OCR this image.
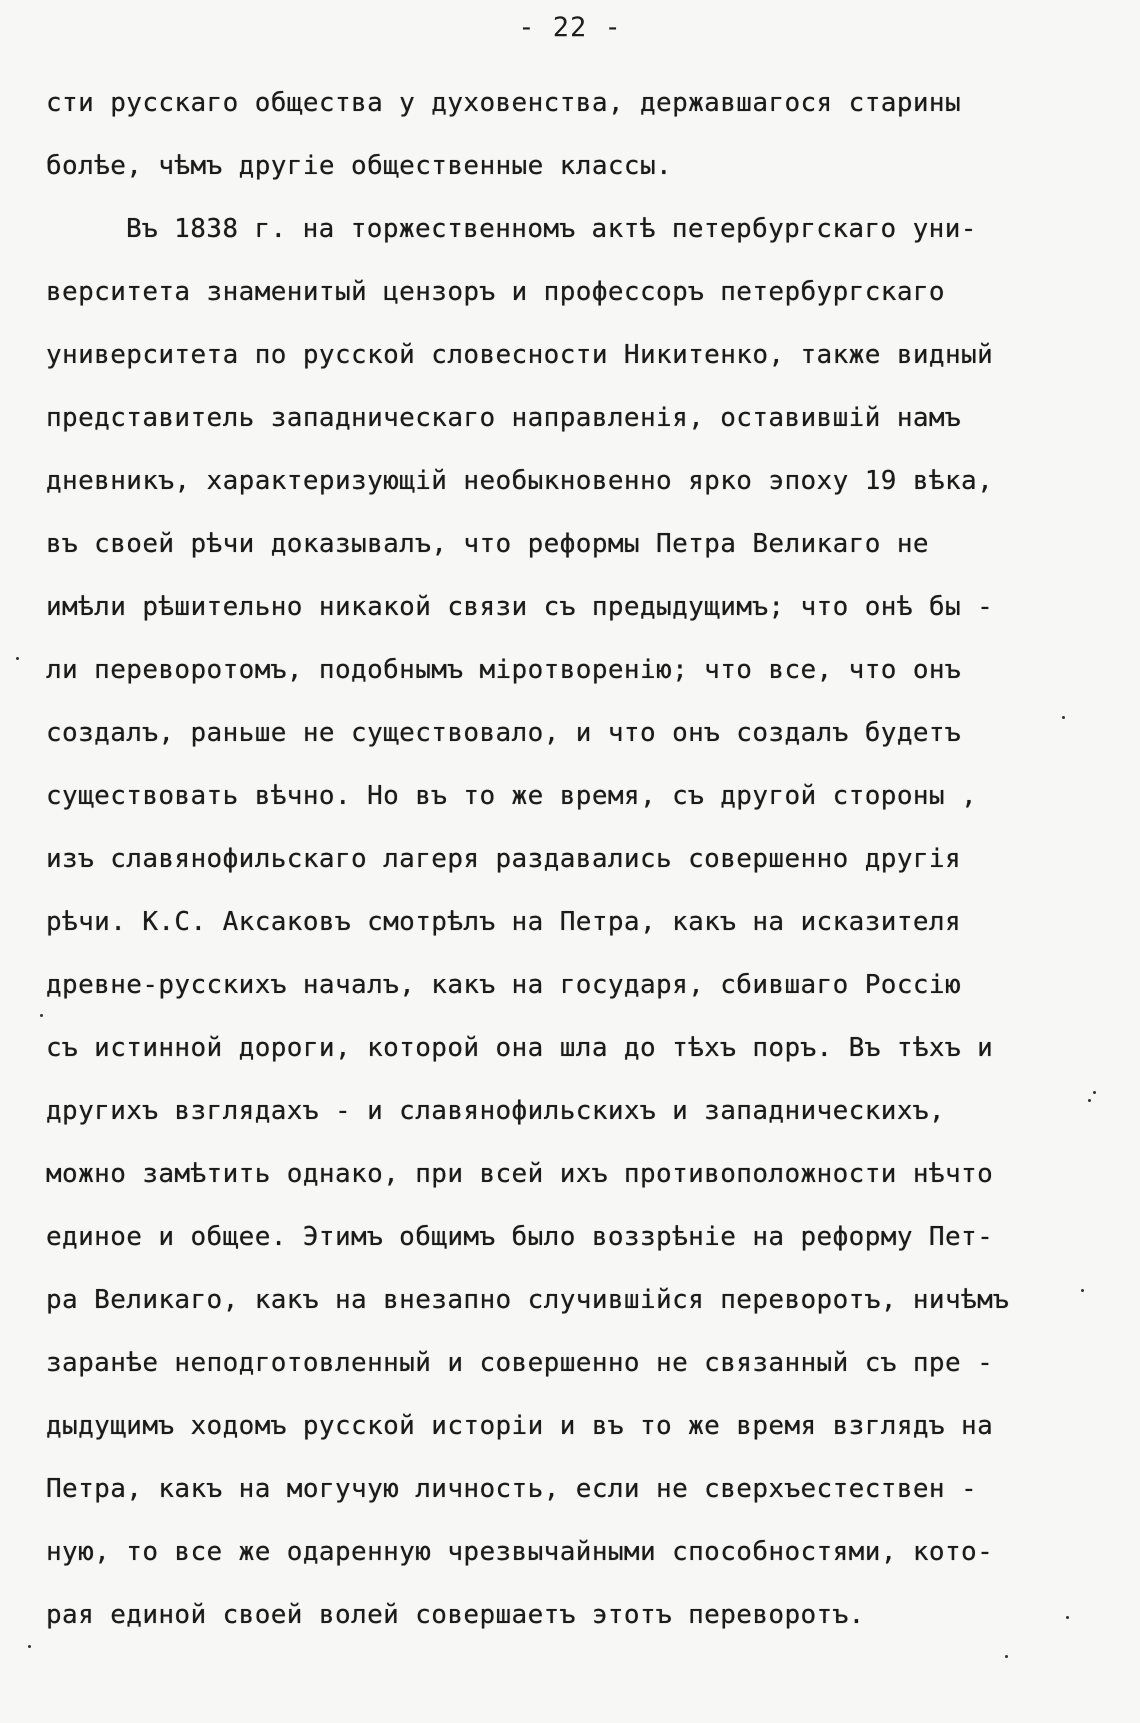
- 22 -
сти русскаго общества у духовенства, державшагося старины
болѣе, чѣмъ другіе общественные классы.
Въ 1838 г. на торжественномъ актѣ петербургскаго уни-
верситета знаменитый цензоръ и профессоръ петербургскаго
университета по русской словесности Никитенко, также видный
представитель западническаго направленія, оставившій намъ
дневникъ, характеризующій необыкновенно ярко эпоху 19 вѣка,
въ своей рѣчи доказывалъ, что реформы Петра Великаго не
имѣли рѣшительно никакой связи съ предыдущимъ; что онѣ бы -
ли переворотомъ, подобнымъ міротворенію; что все, что онъ
создалъ, раньше не существовало, и что онъ создалъ будетъ
существовать вѣчно. Но въ то же время, съ другой стороны ,
изъ славянофильскаго лагеря раздавались совершенно другія
рѣчи. К.С. Аксаковъ смотрѣлъ на Петра, какъ на исказителя
древне-русскихъ началъ, какъ на государя, сбившаго Россію
съ истинной дороги, которой она шла до тѣхъ поръ. Въ тѣхъ и
другихъ взглядахъ - и славянофильскихъ и западническихъ,
можно замѣтить однако, при всей ихъ противоположности нѣчто
единое и общее. Этимъ общимъ было воззрѣніе на реформу Пет-
ра Великаго, какъ на внезапно случившійся переворотъ, ничѣмъ
заранѣе неподготовленный и совершенно не связанный съ пре -
дыдущимъ ходомъ русской исторіи и въ то же время взглядъ на
Петра, какъ на могучую личность, если не сверхъестествен -
ную, то все же одаренную чрезвычайными способностями, кото-
рая единой своей волей совершаетъ этотъ переворотъ.
